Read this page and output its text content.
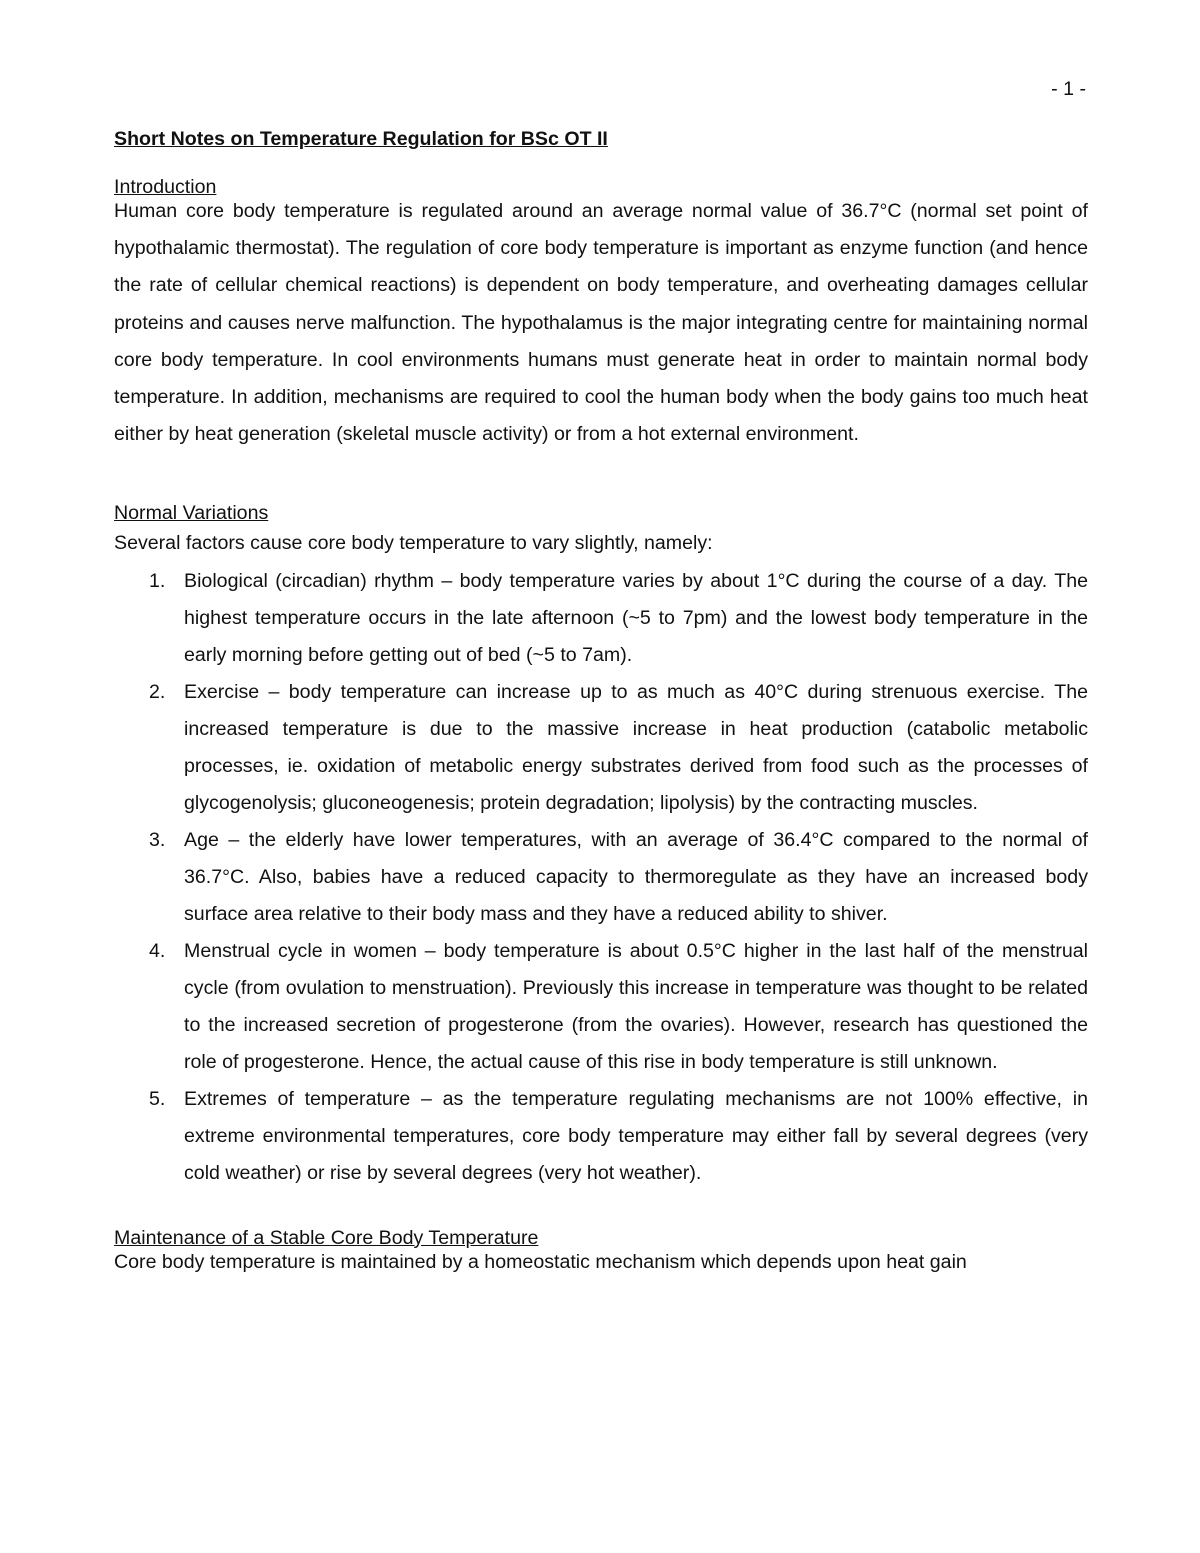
- 1 -
Short Notes on Temperature Regulation for BSc OT II
Introduction

Human core body temperature is regulated around an average normal value of 36.7°C (normal set point of hypothalamic thermostat). The regulation of core body temperature is important as enzyme function (and hence the rate of cellular chemical reactions) is dependent on body temperature, and overheating damages cellular proteins and causes nerve malfunction. The hypothalamus is the major integrating centre for maintaining normal core body temperature. In cool environments humans must generate heat in order to maintain normal body temperature. In addition, mechanisms are required to cool the human body when the body gains too much heat either by heat generation (skeletal muscle activity) or from a hot external environment.

Normal Variations

Several factors cause core body temperature to vary slightly, namely:

1. Biological (circadian) rhythm – body temperature varies by about 1°C during the course of a day. The highest temperature occurs in the late afternoon (~5 to 7pm) and the lowest body temperature in the early morning before getting out of bed (~5 to 7am).
2. Exercise – body temperature can increase up to as much as 40°C during strenuous exercise. The increased temperature is due to the massive increase in heat production (catabolic metabolic processes, ie. oxidation of metabolic energy substrates derived from food such as the processes of glycogenolysis; gluconeogenesis; protein degradation; lipolysis) by the contracting muscles.
3. Age – the elderly have lower temperatures, with an average of 36.4°C compared to the normal of 36.7°C. Also, babies have a reduced capacity to thermoregulate as they have an increased body surface area relative to their body mass and they have a reduced ability to shiver.
4. Menstrual cycle in women – body temperature is about 0.5°C higher in the last half of the menstrual cycle (from ovulation to menstruation). Previously this increase in temperature was thought to be related to the increased secretion of progesterone (from the ovaries). However, research has questioned the role of progesterone. Hence, the actual cause of this rise in body temperature is still unknown.
5. Extremes of temperature – as the temperature regulating mechanisms are not 100% effective, in extreme environmental temperatures, core body temperature may either fall by several degrees (very cold weather) or rise by several degrees (very hot weather).
Maintenance of a Stable Core Body Temperature

Core body temperature is maintained by a homeostatic mechanism which depends upon heat gain
